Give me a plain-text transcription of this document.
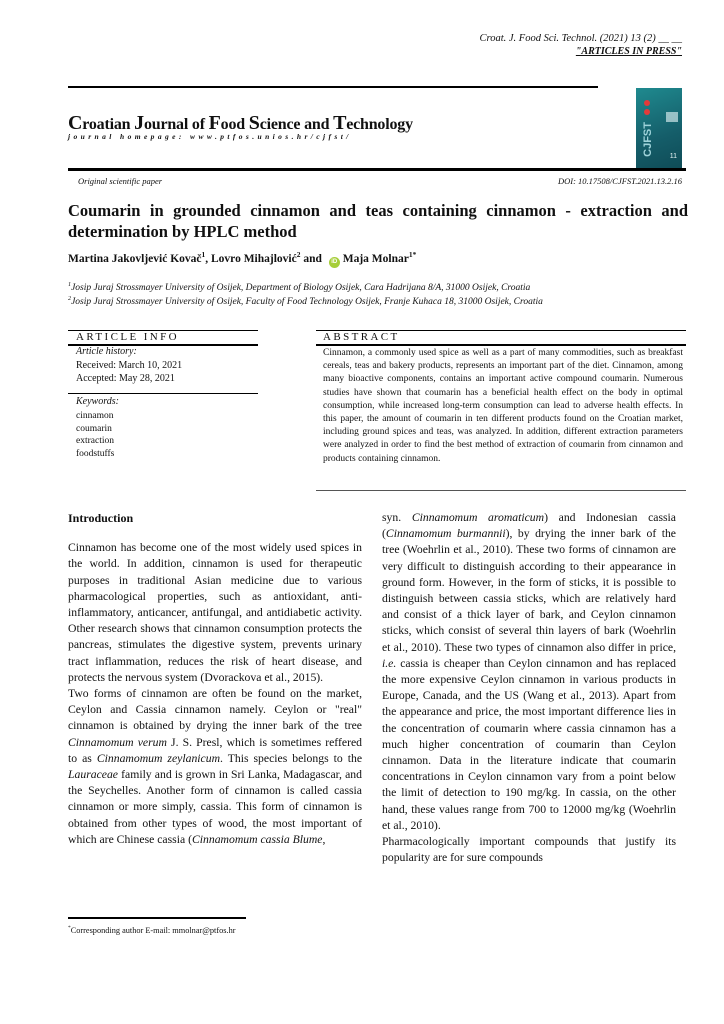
Croat. J. Food Sci. Technol. (2021) 13 (2) __ __
"ARTICLES IN PRESS"
Croatian Journal of Food Science and Technology
journal homepage: www.ptfos.unios.hr/cjfst/	CJFST 11
Original scientific paper	DOI: 10.17508/CJFST.2021.13.2.16
Coumarin in grounded cinnamon and teas containing cinnamon - extraction and determination by HPLC method
Martina Jakovljević Kovač$^1$, Lovro Mihajlović$^2$ and iD Maja Molnar$^{1*}$
$^1$Josip Juraj Strossmayer University of Osijek, Department of Biology Osijek, Cara Hadrijana 8/A, 31000 Osijek, Croatia
$^2$Josip Juraj Strossmayer University of Osijek, Faculty of Food Technology Osijek, Franje Kuhaca 18, 31000 Osijek, Croatia
ARTICLE INFO
Article history:
Received: March 10, 2021
Accepted: May 28, 2021
Keywords:
cinnamon
coumarin
extraction
foodstuffs
ABSTRACT
Cinnamon, a commonly used spice as well as a part of many commodities, such as breakfast cereals, teas and bakery products, represents an important part of the diet. Cinnamon, among many bioactive components, contains an important active compound coumarin. Numerous studies have shown that coumarin has a beneficial health effect on the body in optimal consumption, while increased long-term consumption can lead to adverse health effects. In this paper, the amount of coumarin in ten different products found on the Croatian market, including ground spices and teas, was analyzed. In addition, different extraction parameters were analyzed in order to find the best method of extraction of coumarin from cinnamon and products containing cinnamon.
Introduction

Cinnamon has become one of the most widely used spices in the world. In addition, cinnamon is used for therapeutic purposes in traditional Asian medicine due to various pharmacological properties, such as antioxidant, anti-inflammatory, anticancer, antifungal, and antidiabetic activity. Other research shows that cinnamon consumption protects the pancreas, stimulates the digestive system, prevents urinary tract inflammation, reduces the risk of heart disease, and protects the nervous system (Dvorackova et al., 2015).

Two forms of cinnamon are often be found on the market, Ceylon and Cassia cinnamon namely. Ceylon or "real" cinnamon is obtained by drying the inner bark of the tree Cinnamomum verum J. S. Presl, which is sometimes reffered to as Cinnamomum zeylanicum. This species belongs to the Lauraceae family and is grown in Sri Lanka, Madagascar, and the Seychelles. Another form of cinnamon is called cassia cinnamon or more simply, cassia. This form of cinnamon is obtained from other types of wood, the most important of which are Chinese cassia (Cinnamomum cassia Blume,

syn. Cinnamomum aromaticum) and Indonesian cassia (Cinnamomum burmannii), by drying the inner bark of the tree (Woehrlin et al., 2010). These two forms of cinnamon are very difficult to distinguish according to their appearance in ground form. However, in the form of sticks, it is possible to distinguish between cassia sticks, which are relatively hard and consist of a thick layer of bark, and Ceylon cinnamon sticks, which consist of several thin layers of bark (Woehrlin et al., 2010). These two types of cinnamon also differ in price, i.e. cassia is cheaper than Ceylon cinnamon and has replaced the more expensive Ceylon cinnamon in various products in Europe, Canada, and the US (Wang et al., 2013). Apart from the appearance and price, the most important difference lies in the concentration of coumarin where cassia cinnamon has a much higher concentration of coumarin than Ceylon cinnamon. Data in the literature indicate that coumarin concentrations in Ceylon cinnamon vary from a point below the limit of detection to 190 mg/kg. In cassia, on the other hand, these values range from 700 to 12000 mg/kg (Woehrlin et al., 2010).

Pharmacologically important compounds that justify its popularity are for sure compounds

*Corresponding author E-mail: mmolnar@ptfos.hr
